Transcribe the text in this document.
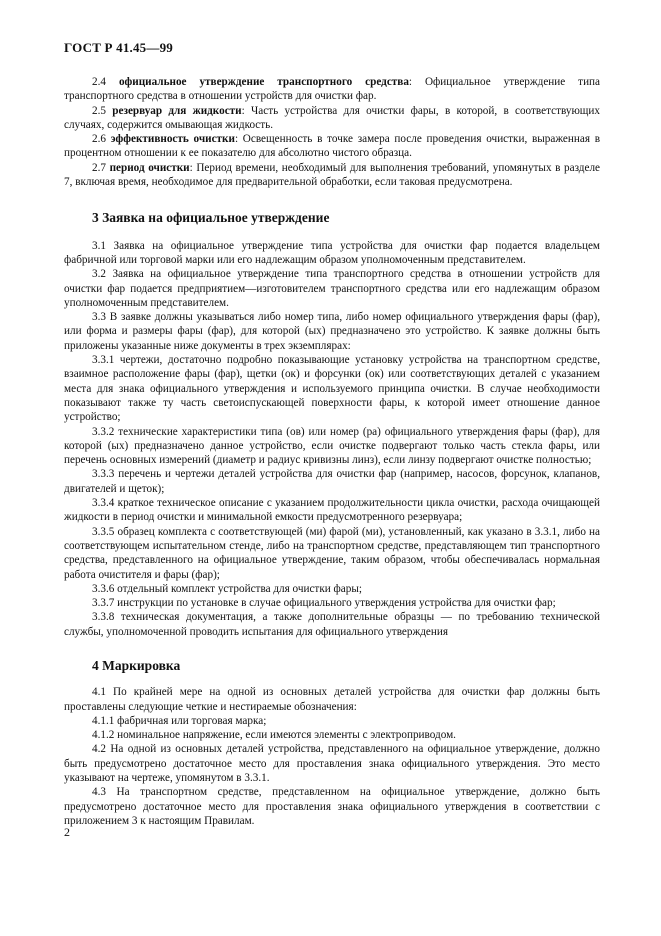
ГОСТ Р 41.45—99

2.4 официальное утверждение транспортного средства: Официальное утверждение типа транспортного средства в отношении устройств для очистки фар.

2.5 резервуар для жидкости: Часть устройства для очистки фары, в которой, в соответствующих случаях, содержится омывающая жидкость.

2.6 эффективность очистки: Освещенность в точке замера после проведения очистки, выраженная в процентном отношении к ее показателю для абсолютно чистого образца.

2.7 период очистки: Период времени, необходимый для выполнения требований, упомянутых в разделе 7, включая время, необходимое для предварительной обработки, если таковая предусмотрена.

3 Заявка на официальное утверждение

3.1 Заявка на официальное утверждение типа устройства для очистки фар подается владельцем фабричной или торговой марки или его надлежащим образом уполномоченным представителем.

3.2 Заявка на официальное утверждение типа транспортного средства в отношении устройств для очистки фар подается предприятием—изготовителем транспортного средства или его надлежащим образом уполномоченным представителем.

3.3 В заявке должны указываться либо номер типа, либо номер официального утверждения фары (фар), или форма и размеры фары (фар), для которой (ых) предназначено это устройство. К заявке должны быть приложены указанные ниже документы в трех экземплярах:

3.3.1 чертежи, достаточно подробно показывающие установку устройства на транспортном средстве, взаимное расположение фары (фар), щетки (ок) и форсунки (ок) или соответствующих деталей с указанием места для знака официального утверждения и используемого принципа очистки. В случае необходимости показывают также ту часть светоиспускающей поверхности фары, к которой имеет отношение данное устройство;

3.3.2 технические характеристики типа (ов) или номер (ра) официального утверждения фары (фар), для которой (ых) предназначено данное устройство, если очистке подвергают только часть стекла фары, или перечень основных измерений (диаметр и радиус кривизны линз), если линзу подвергают очистке полностью;

3.3.3 перечень и чертежи деталей устройства для очистки фар (например, насосов, форсунок, клапанов, двигателей и щеток);

3.3.4 краткое техническое описание с указанием продолжительности цикла очистки, расхода очищающей жидкости в период очистки и минимальной емкости предусмотренного резервуара;

3.3.5 образец комплекта с соответствующей (ми) фарой (ми), установленный, как указано в 3.3.1, либо на соответствующем испытательном стенде, либо на транспортном средстве, представляющем тип транспортного средства, представленного на официальное утверждение, таким образом, чтобы обеспечивалась нормальная работа очистителя и фары (фар);

3.3.6 отдельный комплект устройства для очистки фары;

3.3.7 инструкции по установке в случае официального утверждения устройства для очистки фар;

3.3.8 техническая документация, а также дополнительные образцы — по требованию технической службы, уполномоченной проводить испытания для официального утверждения

4 Маркировка

4.1 По крайней мере на одной из основных деталей устройства для очистки фар должны быть проставлены следующие четкие и нестираемые обозначения:

4.1.1 фабричная или торговая марка;

4.1.2 номинальное напряжение, если имеются элементы с электроприводом.

4.2 На одной из основных деталей устройства, представленного на официальное утверждение, должно быть предусмотрено достаточное место для проставления знака официального утверждения. Это место указывают на чертеже, упомянутом в 3.3.1.

4.3 На транспортном средстве, представленном на официальное утверждение, должно быть предусмотрено достаточное место для проставления знака официального утверждения в соответствии с приложением 3 к настоящим Правилам.

2
